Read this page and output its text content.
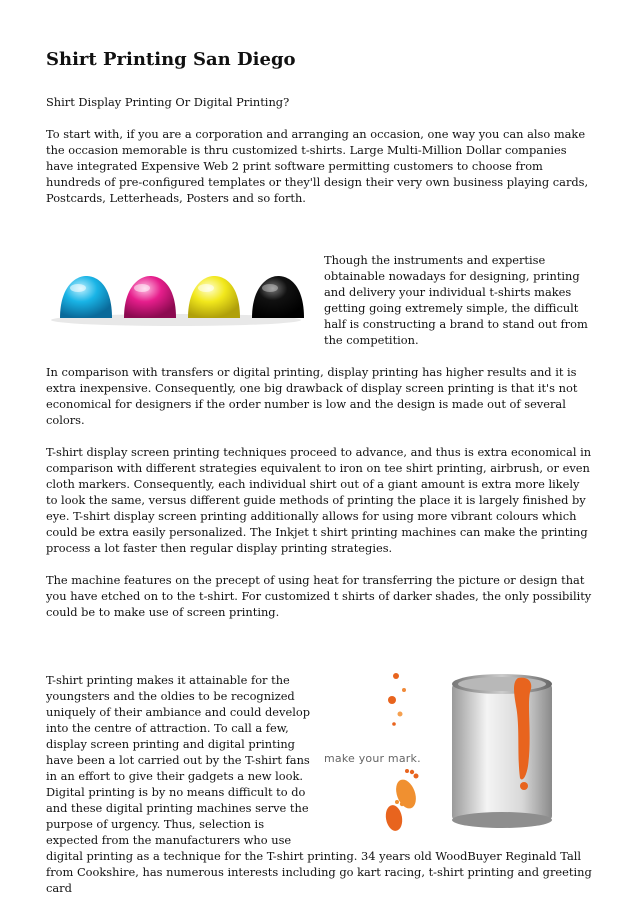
Shirt Printing San Diego

Shirt Display Printing Or Digital Printing?

To start with, if you are a corporation and arranging an occasion, one way you can also make the occasion memorable is thru customized t-shirts. Large Multi-Million Dollar companies have integrated Expensive Web 2 print software permitting customers to choose from hundreds of pre-configured templates or they'll design their very own business playing cards, Postcards, Letterheads, Posters and so forth.

Though the instruments and expertise obtainable nowadays for designing, printing and delivery your individual t-shirts makes getting going extremely simple, the difficult half is constructing a brand to stand out from the competition.

In comparison with transfers or digital printing, display printing has higher results and it is extra inexpensive. Consequently, one big drawback of display screen printing is that it's not economical for designers if the order number is low and the design is made out of several colors.

T-shirt display screen printing techniques proceed to advance, and thus is extra economical in comparison with different strategies equivalent to iron on tee shirt printing, airbrush, or even cloth markers. Consequently, each individual shirt out of a giant amount is extra more likely to look the same, versus different guide methods of printing the place it is largely finished by eye. T-shirt display screen printing additionally allows for using more vibrant colours which could be extra easily personalized. The Inkjet t shirt printing machines can make the printing process a lot faster then regular display printing strategies.

The machine features on the precept of using heat for transferring the picture or design that you have etched on to the t-shirt. For customized t shirts of darker shades, the only possibility could be to make use of screen printing.

make your mark.

T-shirt printing makes it attainable for the youngsters and the oldies to be recognized uniquely of their ambiance and could develop into the centre of attraction. To call a few, display screen printing and digital printing have been a lot carried out by the T-shirt fans in an effort to give their gadgets a new look. Digital printing is by no means difficult to do and these digital printing machines serve the purpose of urgency. Thus, selection is expected from the manufacturers who use digital printing as a technique for the T-shirt printing. 34 years old WoodBuyer Reginald Tall from Cookshire, has numerous interests including go kart racing, t-shirt printing and greeting card
